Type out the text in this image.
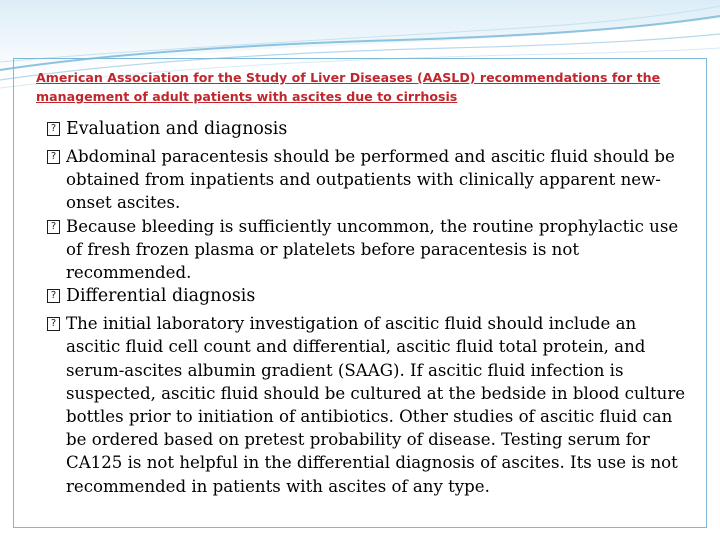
American Association for the Study of Liver Diseases (AASLD) recommendations for the management of adult patients with ascites due to cirrhosis
? Evaluation and diagnosis
? Abdominal paracentesis should be performed and ascitic fluid should be obtained from inpatients and outpatients with clinically apparent new-onset ascites.
? Because bleeding is sufficiently uncommon, the routine prophylactic use of fresh frozen plasma or platelets before paracentesis is not recommended.
? Differential diagnosis
? The initial laboratory investigation of ascitic fluid should include an ascitic fluid cell count and differential, ascitic fluid total protein, and serum-ascites albumin gradient (SAAG). If ascitic fluid infection is suspected, ascitic fluid should be cultured at the bedside in blood culture bottles prior to initiation of antibiotics. Other studies of ascitic fluid can be ordered based on pretest probability of disease. Testing serum for CA125 is not helpful in the differential diagnosis of ascites. Its use is not recommended in patients with ascites of any type.
